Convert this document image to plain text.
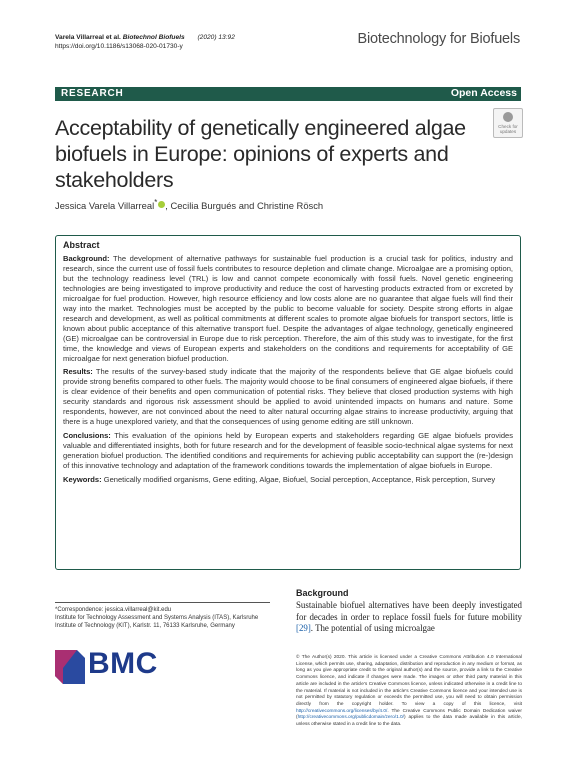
Varela Villarreal et al. Biotechnol Biofuels (2020) 13:92
https://doi.org/10.1186/s13068-020-01730-y	Biotechnology for Biofuels
RESEARCH	Open Access
Acceptability of genetically engineered algae biofuels in Europe: opinions of experts and stakeholders
Check for
updates
Jessica Varela Villarreal* , Cecilia Burgués and Christine Rösch
Abstract

Background: The development of alternative pathways for sustainable fuel production is a crucial task for politics, industry and research, since the current use of fossil fuels contributes to resource depletion and climate change. Microalgae are a promising option, but the technology readiness level (TRL) is low and cannot compete economically with fossil fuels. Novel genetic engineering technologies are being investigated to improve productivity and reduce the cost of harvesting products extracted from or excreted by microalgae for fuel production. However, high resource efficiency and low costs alone are no guarantee that algae fuels will find their way into the market. Technologies must be accepted by the public to become valuable for society. Despite strong efforts in algae research and development, as well as political commitments at different scales to promote algae biofuels for transport sectors, little is known about public acceptance of this alternative transport fuel. Despite the advantages of algae technology, genetically engineered (GE) microalgae can be controversial in Europe due to risk perception. Therefore, the aim of this study was to investigate, for the first time, the knowledge and views of European experts and stakeholders on the conditions and requirements for acceptability of GE microalgae for next generation biofuel production.

Results: The results of the survey-based study indicate that the majority of the respondents believe that GE algae biofuels could provide strong benefits compared to other fuels. The majority would choose to be final consumers of engineered algae biofuels, if there is clear evidence of their benefits and open communication of potential risks. They believe that closed production systems with high security standards and rigorous risk assessment should be applied to avoid unintended impacts on humans and nature. Some respondents, however, are not convinced about the need to alter natural occurring algae strains to increase productivity, arguing that there is a huge unexplored variety, and that the consequences of using genome editing are still unknown.

Conclusions: This evaluation of the opinions held by European experts and stakeholders regarding GE algae biofuels provides valuable and differentiated insights, both for future research and for the development of feasible socio-technical algae systems for next generation biofuel production. The identified conditions and requirements for achieving public acceptability can support the (re-)design of this innovative technology and adaptation of the framework conditions towards the implementation of algae biofuels in Europe.

Keywords: Genetically modified organisms, Gene editing, Algae, Biofuel, Social perception, Acceptance, Risk perception, Survey

*Correspondence: jessica.villarreal@kit.edu
Institute for Technology Assessment and Systems Analysis (ITAS), Karlsruhe Institute of Technology (KIT), Karlstr. 11, 76133 Karlsruhe, Germany
Background
Sustainable biofuel alternatives have been deeply investigated for decades in order to replace fossil fuels for future mobility [29]. The potential of using microalgae
BMC	© The Author(s) 2020. This article is licensed under a Creative Commons Attribution 4.0 International License, which permits use, sharing, adaptation, distribution and reproduction in any medium or format, as long as you give appropriate credit to the original author(s) and the source, provide a link to the Creative Commons licence, and indicate if changes were made. The images or other third party material in this article are included in the article's Creative Commons licence, unless indicated otherwise in a credit line to the material. If material is not included in the article's Creative Commons licence and your intended use is not permitted by statutory regulation or exceeds the permitted use, you will need to obtain permission directly from the copyright holder. To view a copy of this licence, visit http://creativecommons.org/licenses/by/4.0/. The Creative Commons Public Domain Dedication waiver (http://creativecommons.org/publicdomain/zero/1.0/) applies to the data made available in this article, unless otherwise stated in a credit line to the data.
